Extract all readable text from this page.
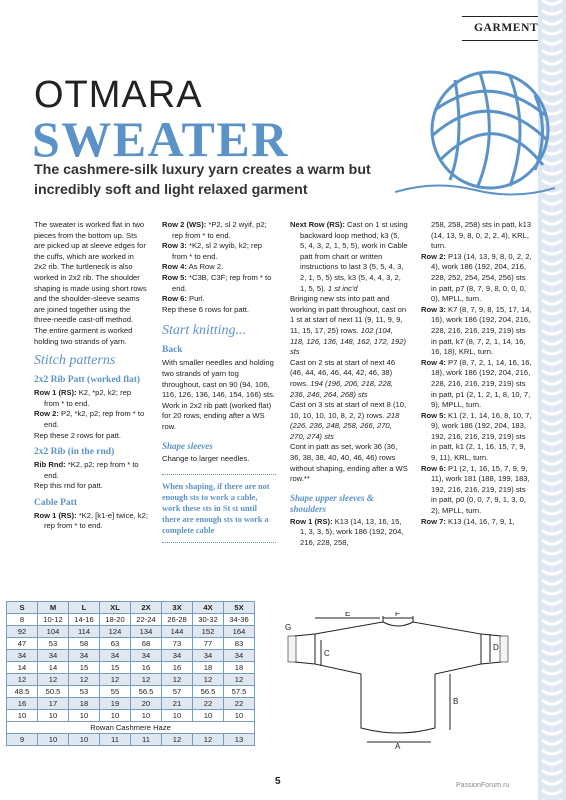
GARMENT
OTMARA
SWEATER
The cashmere-silk luxury yarn creates a warm but incredibly soft and light relaxed garment

The sweater is worked flat in two pieces from the bottom up. Sts are picked up at sleeve edges for the cuffs, which are worked in 2x2 rib. The turtleneck is also worked in 2x2 rib. The shoulder shaping is made using short rows and the shoulder-sleeve seams are joined together using the three-needle cast-off method. The entire garment is worked holding two strands of yarn.

Stitch patterns
2x2 Rib Patt (worked flat)

Row 1 (RS): K2, *p2, k2; rep from * to end.

Row 2: P2, *k2, p2; rep from * to end.

Rep these 2 rows for patt.

2x2 Rib (in the rnd)

Rib Rnd: *K2, p2; rep from * to end.

Rep this rnd for patt.

Cable Patt

Row 1 (RS): *K2, [k1-e] twice, k2; rep from * to end.

Row 2 (WS): *P2, sl 2 wyif, p2; rep from * to end.

Row 3: *K2, sl 2 wyib, k2; rep from * to end.

Row 4: As Row 2.

Row 5: *C3B, C3F; rep from * to end.

Row 6: Purl.

Rep these 6 rows for patt.

Start knitting...
Back

With smaller needles and holding two strands of yarn tog throughout, cast on 90 (94, 106, 116, 126, 136, 146, 154, 166) sts.

Work in 2x2 rib patt (worked flat) for 20 rows, ending after a WS row.

Shape sleeves

Change to larger needles.

When shaping, if there are not enough sts to work a cable, work these sts in St st until there are enough sts to work a complete cable

Next Row (RS): Cast on 1 st using backward loop method, k3 (5, 5, 4, 3, 2, 1, 5, 5), work in Cable patt from chart or written instructions to last 3 (5, 5, 4, 3, 2, 1, 5, 5) sts, k3 (5, 4, 4, 3, 2, 1, 5, 5). 1 st inc'd

Bringing new sts into patt and working in patt throughout, cast on 1 st at start of next 11 (9, 11, 9, 9, 11, 15, 17, 25) rows. 102 (104, 118, 126, 136, 148, 162, 172, 192) sts

Cast on 2 sts at start of next 46 (46, 44, 46, 46, 44, 42, 46, 38) rows. 194 (196, 206, 218, 228, 236, 246, 264, 268) sts

Cast on 3 sts at start of next 8 (10, 10, 10, 10, 10, 8, 2, 2) rows. 218 (226, 236, 248, 258, 266, 270, 270, 274) sts

Cont in patt as set, work 36 (36, 36, 38, 38, 40, 40, 46, 46) rows without shaping, ending after a WS row.**

Shape upper sleeves & shoulders

Row 1 (RS): K13 (14, 13, 16, 15, 1, 3, 3, 5), work 186 (192, 204, 216, 228, 258,

258, 258, 258) sts in patt, k13 (14, 13, 9, 8, 0, 2, 2, 4), KRL, turn.

Row 2: P13 (14, 13, 9, 8, 0, 2, 2, 4), work 186 (192, 204, 216, 228, 252, 254, 254, 256) sts in patt, p7 (8, 7, 9, 8, 0, 0, 0, 0), MPLL, turn.

Row 3: K7 (8, 7, 9, 8, 15, 17, 14, 16), work 186 (192, 204, 216, 228, 216, 216, 219, 219) sts in patt, k7 (8, 7, 2, 1, 14, 16, 16, 18), KRL, turn.

Row 4: P7 (8, 7, 2, 1, 14, 16, 16, 18), work 186 (192, 204, 216, 228, 216, 216, 219, 219) sts in patt, p1 (2, 1, 2, 1, 8, 10, 7, 9), MPLL, turn.

Row 5: K1 (2, 1, 14, 16, 8, 10, 7, 9), work 186 (192, 204, 183, 192, 216, 216, 219, 219) sts in patt, k1 (2, 1, 16, 15, 7, 9, 9, 11), KRL, turn.

Row 6: P1 (2, 1, 16, 15, 7, 9, 9, 11), work 181 (188, 199, 183, 192, 216, 216, 219, 219) sts in patt, p0 (0, 0, 7, 9, 1, 3, 0, 2), MPLL, turn.

Row 7: K13 (14, 16, 7, 9, 1,

S	M	L	XL	2X	3X	4X	5X
8	10-12	14-16	18-20	22-24	26-28	30-32	34-36
92	104	114	124	134	144	152	164
47	53	58	63	68	73	77	83
34	34	34	34	34	34	34	34
14	14	15	15	16	16	18	18
12	12	12	12	12	12	12	12
48.5	50.5	53	55	56.5	57	56.5	57.5
16	17	18	19	20	21	22	22
10	10	10	10	10	10	10	10
Rowan Cashmere Haze							
9	10	10	11	11	12	12	13
A
B
C
D
E	F
G
5	PassionForum.ru
